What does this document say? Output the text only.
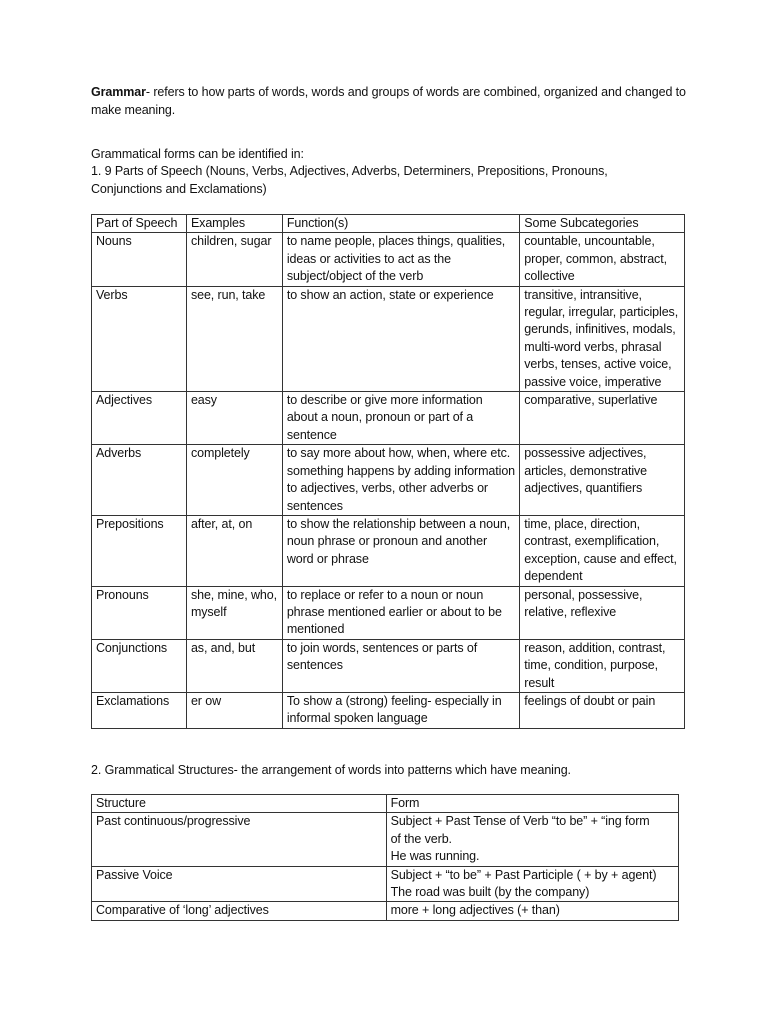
Grammar- refers to how parts of words, words and groups of words are combined, organized and changed to make meaning.

Grammatical forms can be identified in:

1. 9 Parts of Speech (Nouns, Verbs, Adjectives, Adverbs, Determiners, Prepositions, Pronouns, Conjunctions and Exclamations)

Part of Speech	Examples	Function(s)	Some Subcategories
Nouns	children, sugar	to name people, places things, qualities, ideas or activities to act as the subject/object of the verb	countable, uncountable, proper, common, abstract, collective
Verbs	see, run, take	to show an action, state or experience	transitive, intransitive, regular, irregular, participles, gerunds, infinitives, modals, multi-word verbs, phrasal verbs, tenses, active voice, passive voice, imperative
Adjectives	easy	to describe or give more information about a noun, pronoun or part of a sentence	comparative, superlative
Adverbs	completely	to say more about how, when, where etc. something happens by adding information to adjectives, verbs, other adverbs or sentences	possessive adjectives, articles, demonstrative adjectives, quantifiers
Prepositions	after, at, on	to show the relationship between a noun, noun phrase or pronoun and another word or phrase	time, place, direction, contrast, exemplification, exception, cause and effect, dependent
Pronouns	she, mine, who, myself	to replace or refer to a noun or noun phrase mentioned earlier or about to be mentioned	personal, possessive, relative, reflexive
Conjunctions	as, and, but	to join words, sentences or parts of sentences	reason, addition, contrast, time, condition, purpose, result
Exclamations	er ow	To show a (strong) feeling- especially in informal spoken language	feelings of doubt or pain

2. Grammatical Structures- the arrangement of words into patterns which have meaning.

Structure	Form
Past continuous/progressive	Subject + Past Tense of Verb “to be” + “ing form
of the verb.
He was running.

Passive Voice	Subject + “to be” + Past Participle ( + by + agent)
The road was built (by the company)

Comparative of ‘long’ adjectives	more + long adjectives (+ than)
